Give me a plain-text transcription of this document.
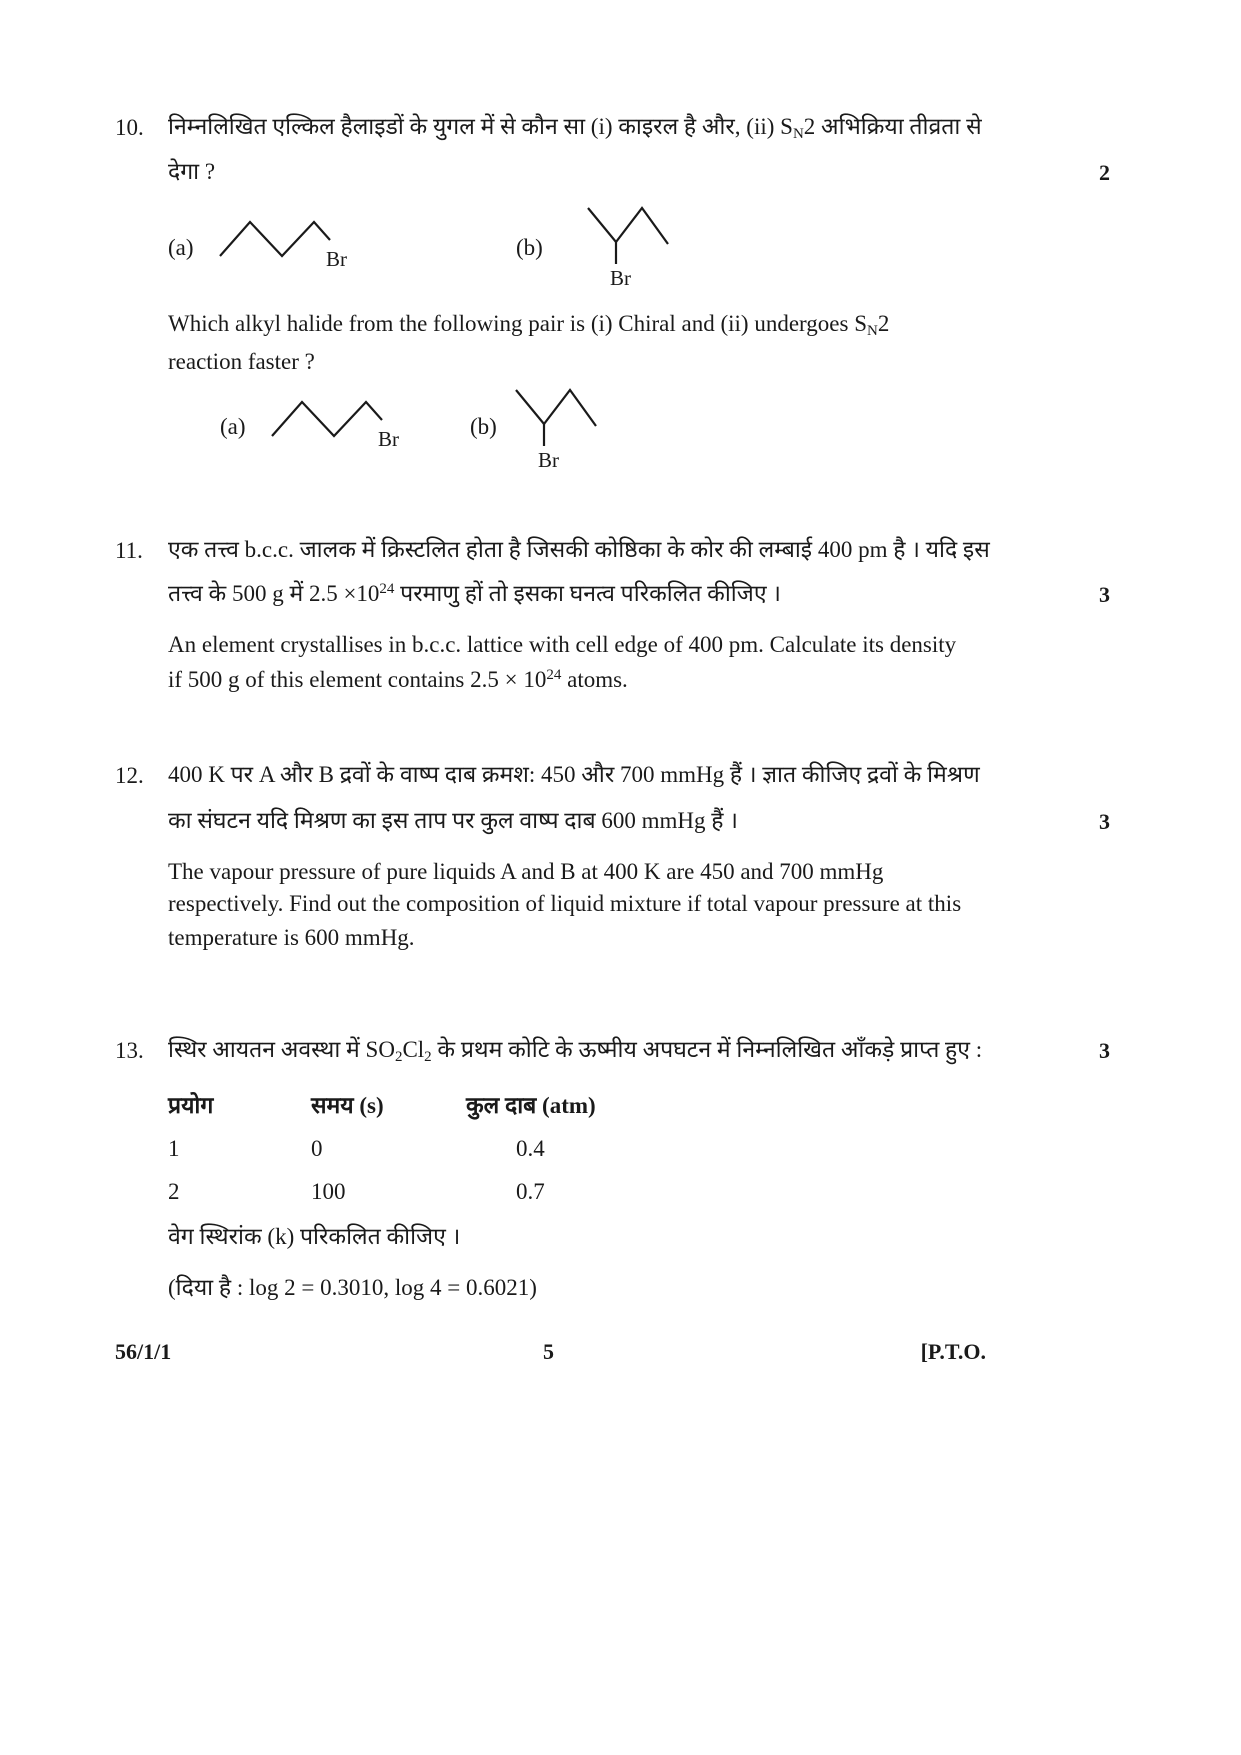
10. निम्नलिखित एल्किल हैलाइडों के युगल में से कौन सा (i) काइरल है और, (ii) $S_N2$ अभिक्रिया तीव्रता से
देगा ?	2
(a)	Br	(b)
Br
Which alkyl halide from the following pair is (i) Chiral and (ii) undergoes $S_N2$
reaction faster ?
(a)	Br	(b)
Br
11. एक तत्त्व b.c.c. जालक में क्रिस्टलित होता है जिसकी कोष्ठिका के कोर की लम्बाई 400 pm है । यदि इस
तत्त्व के 500 g में $2.5 \times 10^{24}$ परमाणु हों तो इसका घनत्व परिकलित कीजिए ।	3
An element crystallises in b.c.c. lattice with cell edge of 400 pm. Calculate its density
if 500 g of this element contains $2.5 \times 10^{24}$ atoms.
12. 400 K पर A और B द्रवों के वाष्प दाब क्रमश: 450 और 700 mmHg हैं । ज्ञात कीजिए द्रवों के मिश्रण
का संघटन यदि मिश्रण का इस ताप पर कुल वाष्प दाब 600 mmHg हैं ।	3
The vapour pressure of pure liquids A and B at 400 K are 450 and 700 mmHg
respectively. Find out the composition of liquid mixture if total vapour pressure at this
temperature is 600 mmHg.
13. स्थिर आयतन अवस्था में $SO_2Cl_2$ के प्रथम कोटि के ऊष्मीय अपघटन में निम्नलिखित आँकड़े प्राप्त हुए :	3
प्रयोग	समय (s)	कुल दाब (atm)
1	0	0.4
2	100	0.7
वेग स्थिरांक (k) परिकलित कीजिए ।
(दिया है : log 2 = 0.3010, log 4 = 0.6021)
56/1/1	5	[P.T.O.
